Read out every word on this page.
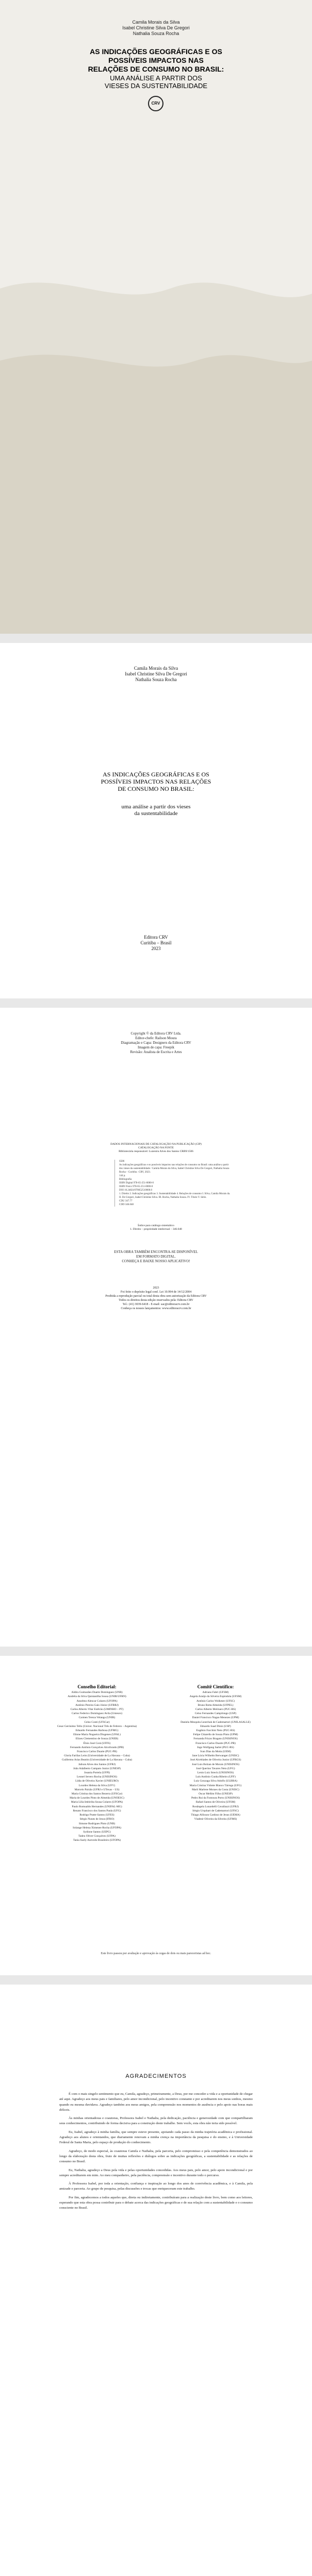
Camila Morais da Silva
Isabel Christine Silva De Gregori
Nathalia Souza Rocha
AS INDICAÇÕES GEOGRÁFICAS E OS
POSSÍVEIS IMPACTOS NAS
RELAÇÕES DE CONSUMO NO BRASIL:
UMA ANÁLISE A PARTIR DOS
VIESES DA SUSTENTABILIDADE
CRV
Camila Morais da Silva
Isabel Christine Silva De Gregori
Nathalia Souza Rocha
AS INDICAÇÕES GEOGRÁFICAS E OS
POSSÍVEIS IMPACTOS NAS RELAÇÕES
DE CONSUMO NO BRASIL:
uma análise a partir dos vieses
da sustentabilidade
Editora CRV
Curitiba – Brasil
2023
Copyright © da Editora CRV Ltda.
Editor-chefe: Railson Moura
Diagramação e Capa: Designers da Editora CRV
Imagem de capa: Freepik
Revisão: Analista de Escrita e Artes
DADOS INTERNACIONAIS DE CATALOGAÇÃO NA PUBLICAÇÃO (CIP)
CATALOGAÇÃO NA FONTE
Bibliotecária responsável: Luzenira Alves dos Santos CRB9/1506
S586
As indicações geográficas e os possíveis impactos nas relações de consumo no Brasil: uma análise a partir dos vieses da sustentabilidade / Camila Morais da Silva, Isabel Christine Silva De Gregori, Nathalia Souza Rocha – Curitiba : CRV, 2023.
144 p.
Bibliografia
ISBN Digital 978-65-251-0000-0
ISBN Físico 978-65-251-0000-0
DOI 10.24824/978652510000.0
1. Direito 2. Indicações geográficas 3. Sustentabilidade 4. Relações de consumo I. Silva, Camila Morais da. II. De Gregori, Isabel Christine Silva. III. Rocha, Nathalia Souza. IV. Título V. Série.
CDU 347.77
CDD 346.048
Índice para catálogo sistemático
1. Direito – propriedade intelectual – 346.048
ESTA OBRA TAMBÉM ENCONTRA-SE DISPONÍVEL
EM FORMATO DIGITAL.
CONHEÇA E BAIXE NOSSO APLICATIVO!
2023
Foi feito o depósito legal conf. Lei 10.994 de 14/12/2004
Proibida a reprodução parcial ou total desta obra sem autorização da Editora CRV
Todos os direitos desta edição reservados pela: Editora CRV
Tel.: (41) 3039-6418 - E-mail: sac@editoracrv.com.br
Conheça os nossos lançamentos: www.editoracrv.com.br
Conselho Editorial:

Aldira Guimarães Duarte Domínguez (UNB)

Andréia da Silva Quintanilha Sousa (UNIR/UFRN)

Anselmo Alencar Colares (UFOPA)

Antônio Pereira Gaio Júnior (UFRRJ)

Carlos Alberto Vilar Estêvão (UMINHO – PT)

Carlos Federico Domínguez Avila (Unieuro)

Carmen Tereza Velanga (UNIR)

Celso Conti (UFSCar)

Cesar Gerónimo Tello (Univer. Nacional Três de Febrero – Argentina)

Eduardo Fernandes Barbosa (UFMG)

Elione Maria Nogueira Diogenes (UFAL)

Elizeu Clementino de Souza (UNEB)

Élsio José Corá (UFFS)

Fernando Antônio Gonçalves Alcoforado (IPB)

Francisco Carlos Duarte (PUC-PR)

Gloria Fariñas León (Universidade de La Havana – Cuba)

Guillermo Arias Beatón (Universidade de La Havana – Cuba)

Jailson Alves dos Santos (UFRJ)

João Adalberto Campato Junior (UNESP)

Josania Portela (UFPI)

Leonel Severo Rocha (UNISINOS)

Lídia de Oliveira Xavier (UNIEURO)

Lourdes Helena da Silva (UFV)

Marcelo Paixão (UFRJ e UTexas – US)

Maria Cristina dos Santos Bezerra (UFSCar)

Maria de Lourdes Pinto de Almeida (UNOESC)

Maria Lília Imbiriba Sousa Colares (UFOPA)

Paulo Romualdo Hernandes (UNIFAL-MG)

Renato Francisco dos Santos Paula (UFG)

Rodrigo Pratte-Santos (UFES)

Sérgio Nunes de Jesus (IFRO)

Simone Rodrigues Pinto (UNB)

Solange Helena Ximenes-Rocha (UFOPA)

Sydione Santos (UEPG)

Tadeu Oliver Gonçalves (UFPA)

Tania Suely Azevedo Brasileiro (UFOPA)

Comitê Científico:

Adriano Fabri (UFSM)

Angela Araújo da Silveira Espindola (UFSM)

Antônio Carlos Wolkmer (UFSC)

Bruno Rotta Almeida (UFPEL)

Carlos Alberto Molinaro (PUC-RS)

Celso Fernandes Campilongo (USP)

Daniel Francisco Nagao Menezes (UPM)

Daniela Mesquita Leutchuk de Cademartori (UNILASALLE)

Eduardo Saad Diniz (USP)

Eugênio Facchini Neto (PUC-RS)

Felipe Chiarello de Souza Pinto (UPM)

Fernanda Frizzo Bragato (UNISINOS)

Francisco Carlos Duarte (PUC-PR)

Ingo Wolfgang Sarlet (PUC-RS)

Ivan Dias da Motta (UEM)

Jane Lúcia Wilhelm Berwanger (UNISC)

José Alcebíades de Oliveira Junior (UFRGS)

José Luis Bolzan de Morais (UNISINOS)

José Querino Tavares Neto (UFG)

Lenio Luiz Streck (UNISINOS)

Luís Antônio Cunha Ribeiro (UFF)

Luiz Gonzaga Silva Adolfo (ULBRA)

Maria Cristina Vidotte Blanco Tárrega (UFG)

Marli Marlene Moraes da Costa (UNISC)

Oscar Mellim Filho (UNESP)

Pedro Rui da Fontoura Porto (UNISINOS)

Rafael Santos de Oliveira (UFSM)

Rosângela Lunardelli Cavallazzi (UFRJ)

Sérgio Urquhart de Cademartori (UFSC)

Thiago Allisson Cardoso de Jesus (UEMA)

Vladmir Oliveira da Silveira (UFMS)

Este livro passou por avaliação e aprovação às cegas de dois ou mais pareceristas ad hoc.
AGRADECIMENTOS

É com o mais singelo sentimento que eu, Camila, agradeço, primeiramente, a Deus, por me conceder a vida e a oportunidade de chegar até aqui. Agradeço aos meus pais e familiares, pelo amor incondicional, pelo incentivo constante e por acreditarem nos meus sonhos, mesmo quando eu mesma duvidava. Agradeço também aos meus amigos, pela compreensão nos momentos de ausência e pelo apoio nas horas mais difíceis.

Às minhas orientadoras e coautoras, Professora Isabel e Nathalia, pela dedicação, paciência e generosidade com que compartilharam seus conhecimentos, contribuindo de forma decisiva para a construção deste trabalho. Sem vocês, esta obra não teria sido possível.

Eu, Isabel, agradeço à minha família, que sempre esteve presente, apoiando cada passo da minha trajetória acadêmica e profissional. Agradeço aos alunos e orientandos, que diariamente renovam a minha crença na importância da pesquisa e do ensino, e à Universidade Federal de Santa Maria, pelo espaço de produção do conhecimento.

Agradeço, de modo especial, às coautoras Camila e Nathalia, pela parceria, pelo compromisso e pela competência demonstrados ao longo da elaboração desta obra, fruto de muitas reflexões e diálogos sobre as indicações geográficas, a sustentabilidade e as relações de consumo no Brasil.

Eu, Nathalia, agradeço a Deus pela vida e pelas oportunidades concedidas. Aos meus pais, pelo amor, pelo apoio incondicional e por sempre acreditarem em mim. Ao meu companheiro, pela paciência, compreensão e incentivo durante todo o percurso.

À Professora Isabel, por toda a orientação, confiança e inspiração ao longo dos anos de convivência acadêmica, e à Camila, pela amizade e parceria. Ao grupo de pesquisa, pelas discussões e trocas que enriqueceram este trabalho.

Por fim, agradecemos a todos aqueles que, direta ou indiretamente, contribuíram para a realização deste livro, bem como aos leitores, esperando que esta obra possa contribuir para o debate acerca das indicações geográficas e de sua relação com a sustentabilidade e o consumo consciente no Brasil.
